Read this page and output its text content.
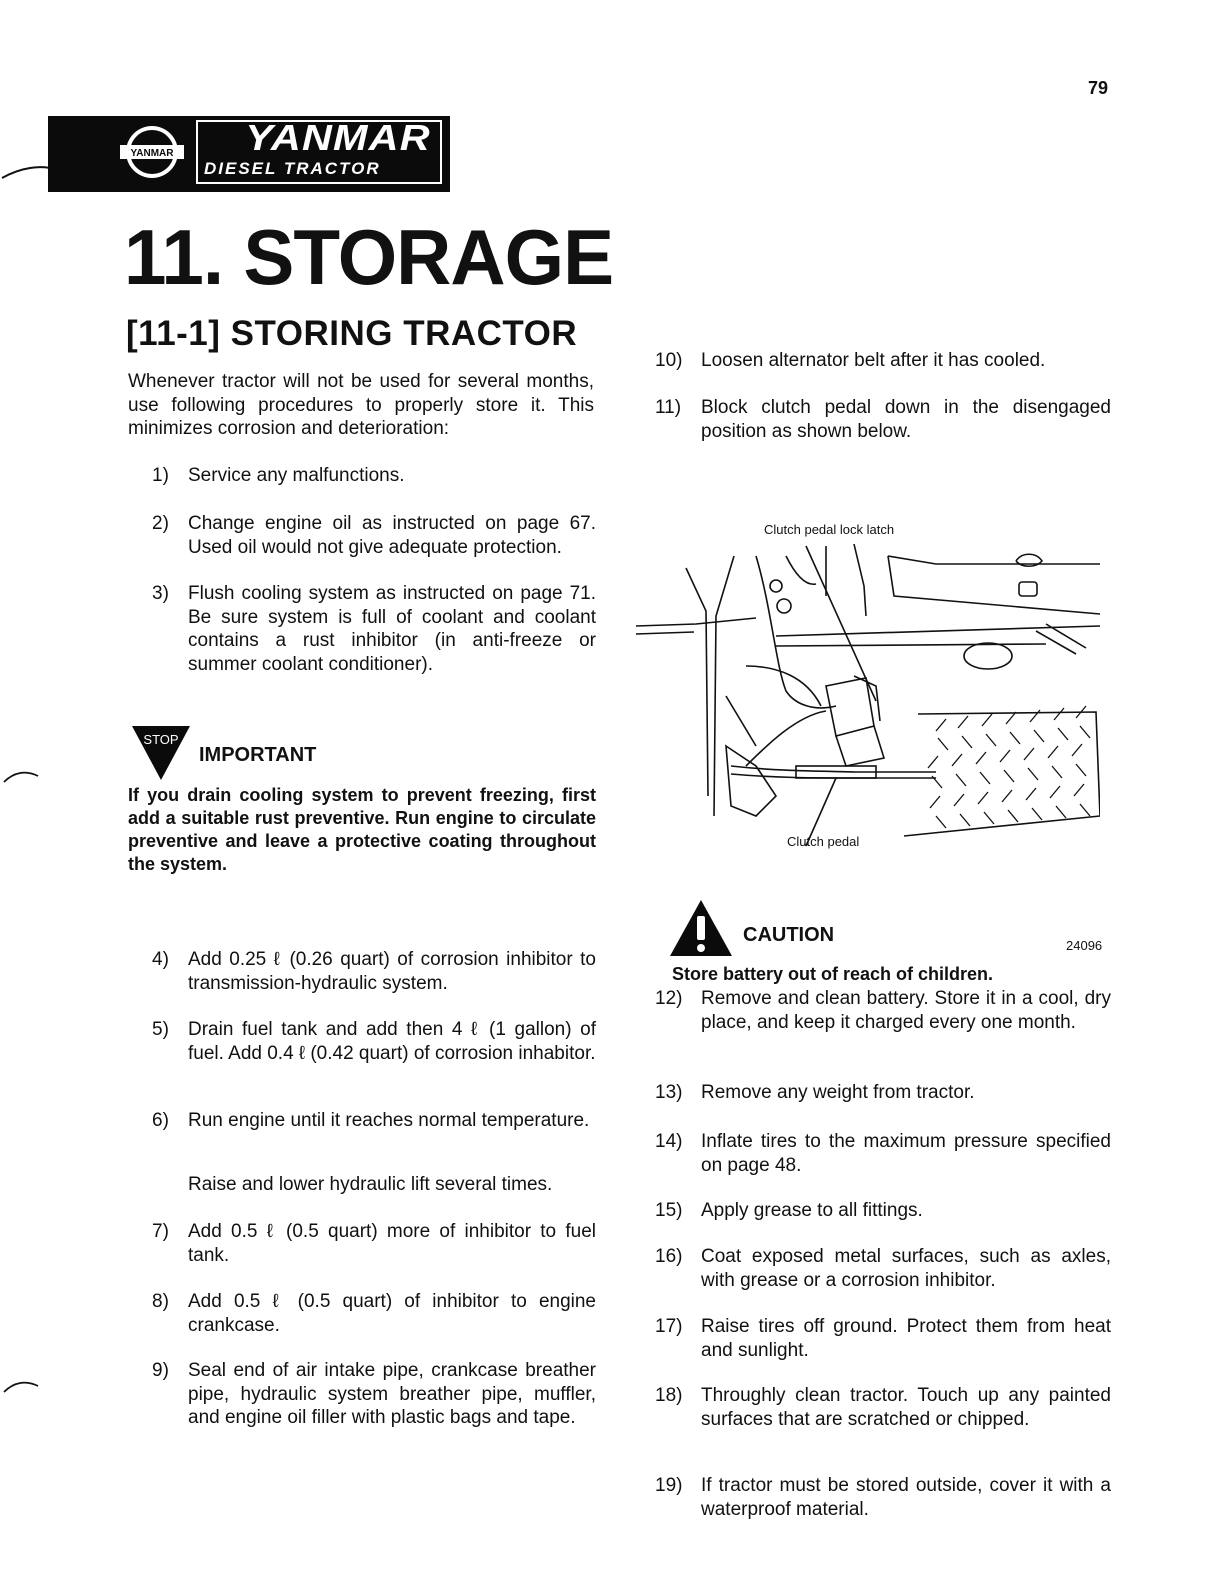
79
YANMAR	YANMAR
DIESEL TRACTOR
11. STORAGE
[11-1] STORING TRACTOR
Whenever tractor will not be used for several months, use following procedures to properly store it. This minimizes corrosion and deterioration:
1) Service any malfunctions.
2) Change engine oil as instructed on page 67. Used oil would not give adequate protection.
3) Flush cooling system as instructed on page 71. Be sure system is full of coolant and coolant contains a rust inhibitor (in anti-freeze or summer coolant conditioner).
STOP
IMPORTANT
If you drain cooling system to prevent freezing, first add a suitable rust preventive. Run engine to circulate preventive and leave a protective coating throughout the system.
4) Add 0.25 ℓ (0.26 quart) of corrosion inhibitor to transmission-hydraulic system.
5) Drain fuel tank and add then 4 ℓ (1 gallon) of fuel. Add 0.4 ℓ (0.42 quart) of corrosion inhabitor.
6) Run engine until it reaches normal temperature.
Raise and lower hydraulic lift several times.
7) Add 0.5 ℓ (0.5 quart) more of inhibitor to fuel tank.
8) Add 0.5 ℓ (0.5 quart) of inhibitor to engine crankcase.
9) Seal end of air intake pipe, crankcase breather pipe, hydraulic system breather pipe, muffler, and engine oil filler with plastic bags and tape.
10) Loosen alternator belt after it has cooled.
11) Block clutch pedal down in the disengaged position as shown below.
Clutch pedal lock latch
Clutch pedal
24096
CAUTION
Store battery out of reach of children.
12) Remove and clean battery. Store it in a cool, dry place, and keep it charged every one month.
13) Remove any weight from tractor.
14) Inflate tires to the maximum pressure specified on page 48.
15) Apply grease to all fittings.
16) Coat exposed metal surfaces, such as axles, with grease or a corrosion inhibitor.
17) Raise tires off ground. Protect them from heat and sunlight.
18) Throughly clean tractor. Touch up any painted surfaces that are scratched or chipped.
19) If tractor must be stored outside, cover it with a waterproof material.
